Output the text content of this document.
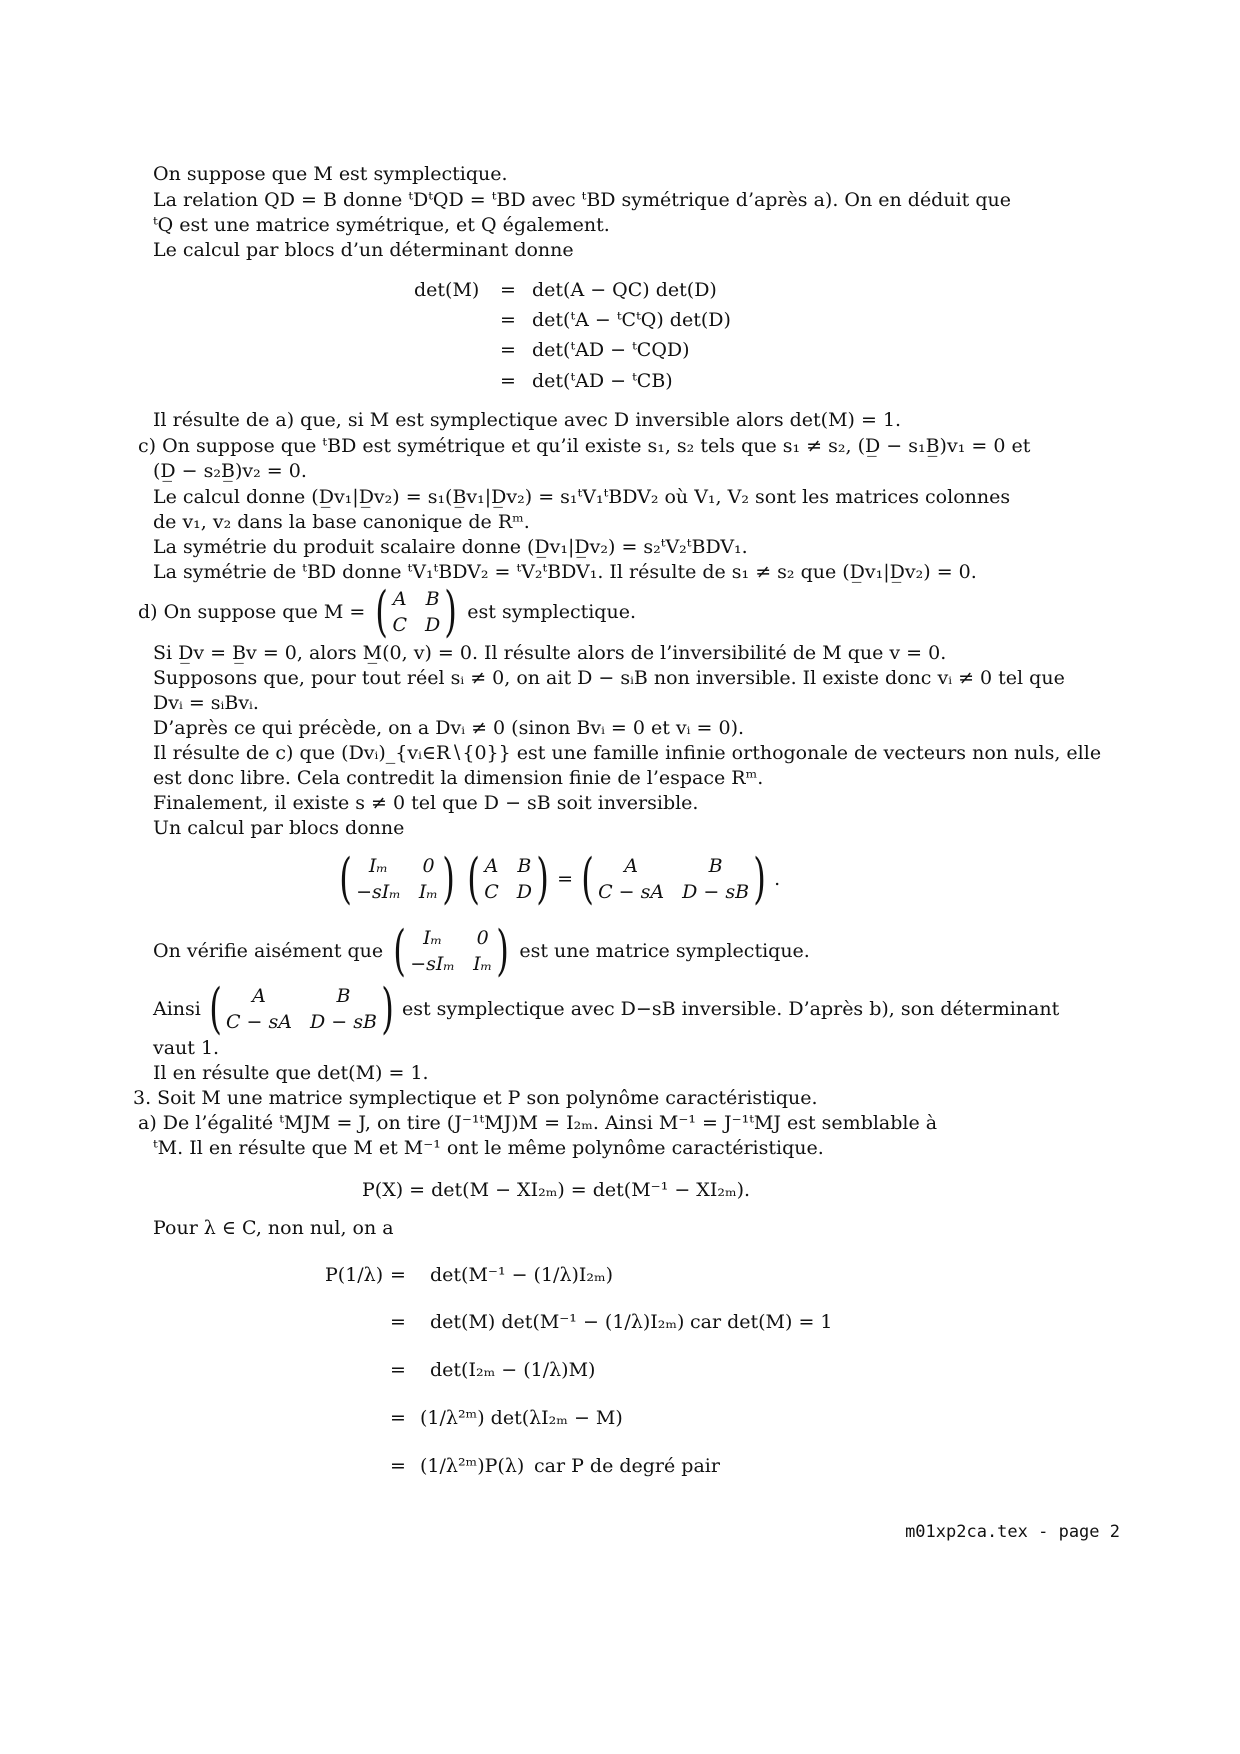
On suppose que M est symplectique.
La relation QD = B donne ᵗDᵗQD = ᵗBD avec ᵗBD symétrique d’après a). On en déduit que
ᵗQ est une matrice symétrique, et Q également.
Le calcul par blocs d’un déterminant donne
det(M) = det(A − QC) det(D)
= det(ᵗA − ᵗCᵗQ) det(D)
= det(ᵗAD − ᵗCQD)
= det(ᵗAD − ᵗCB)
Il résulte de a) que, si M est symplectique avec D inversible alors det(M) = 1.
c) On suppose que ᵗBD est symétrique et qu’il existe s₁, s₂ tels que s₁ ≠ s₂, (D̲ − s₁B̲)v₁ = 0 et
(D̲ − s₂B̲)v₂ = 0.
Le calcul donne (D̲v₁|D̲v₂) = s₁(B̲v₁|D̲v₂) = s₁ᵗV₁ᵗBDV₂ où V₁, V₂ sont les matrices colonnes
de v₁, v₂ dans la base canonique de Rᵐ.
La symétrie du produit scalaire donne (D̲v₁|D̲v₂) = s₂ᵗV₂ᵗBDV₁.
La symétrie de ᵗBD donne ᵗV₁ᵗBDV₂ = ᵗV₂ᵗBDV₁. Il résulte de s₁ ≠ s₂ que (D̲v₁|D̲v₂) = 0.
d) On suppose que M = ( A B
C D ) est symplectique.
Si D̲v = B̲v = 0, alors M̲(0, v) = 0. Il résulte alors de l’inversibilité de M que v = 0.
Supposons que, pour tout réel sᵢ ≠ 0, on ait D − sᵢB non inversible. Il existe donc vᵢ ≠ 0 tel que
Dvᵢ = sᵢBvᵢ.
D’après ce qui précède, on a Dvᵢ ≠ 0 (sinon Bvᵢ = 0 et vᵢ = 0).
Il résulte de c) que (Dvᵢ)_{vᵢ∈R∖{0}} est une famille infinie orthogonale de vecteurs non nuls, elle
est donc libre. Cela contredit la dimension finie de l’espace Rᵐ.
Finalement, il existe s ≠ 0 tel que D − sB soit inversible.
Un calcul par blocs donne
( Iₘ	0
−sIₘ Iₘ ) ( A B
C D ) = (	A	B
C − sA D − sB ) .
On vérifie aisément que ( Iₘ	0
−sIₘ Iₘ ) est une matrice symplectique.
Ainsi (	A	B
C − sA D − sB ) est symplectique avec D−sB inversible. D’après b), son déterminant
vaut 1.
Il en résulte que det(M) = 1.
3. Soit M une matrice symplectique et P son polynôme caractéristique.
a) De l’égalité ᵗMJM = J, on tire (J⁻¹ᵗMJ)M = I₂ₘ. Ainsi M⁻¹ = J⁻¹ᵗMJ est semblable à
ᵗM. Il en résulte que M et M⁻¹ ont le même polynôme caractéristique.
P(X) = det(M − XI₂ₘ) = det(M⁻¹ − XI₂ₘ).
Pour λ ∈ C, non nul, on a
P(1/λ) = det(M⁻¹ − (1/λ)I₂ₘ)
= det(M) det(M⁻¹ − (1/λ)I₂ₘ) car det(M) = 1
= det(I₂ₘ − (1/λ)M)
= (1/λ²ᵐ) det(λI₂ₘ − M)
= (1/λ²ᵐ)P(λ) car P de degré pair
m01xp2ca.tex - page 2
